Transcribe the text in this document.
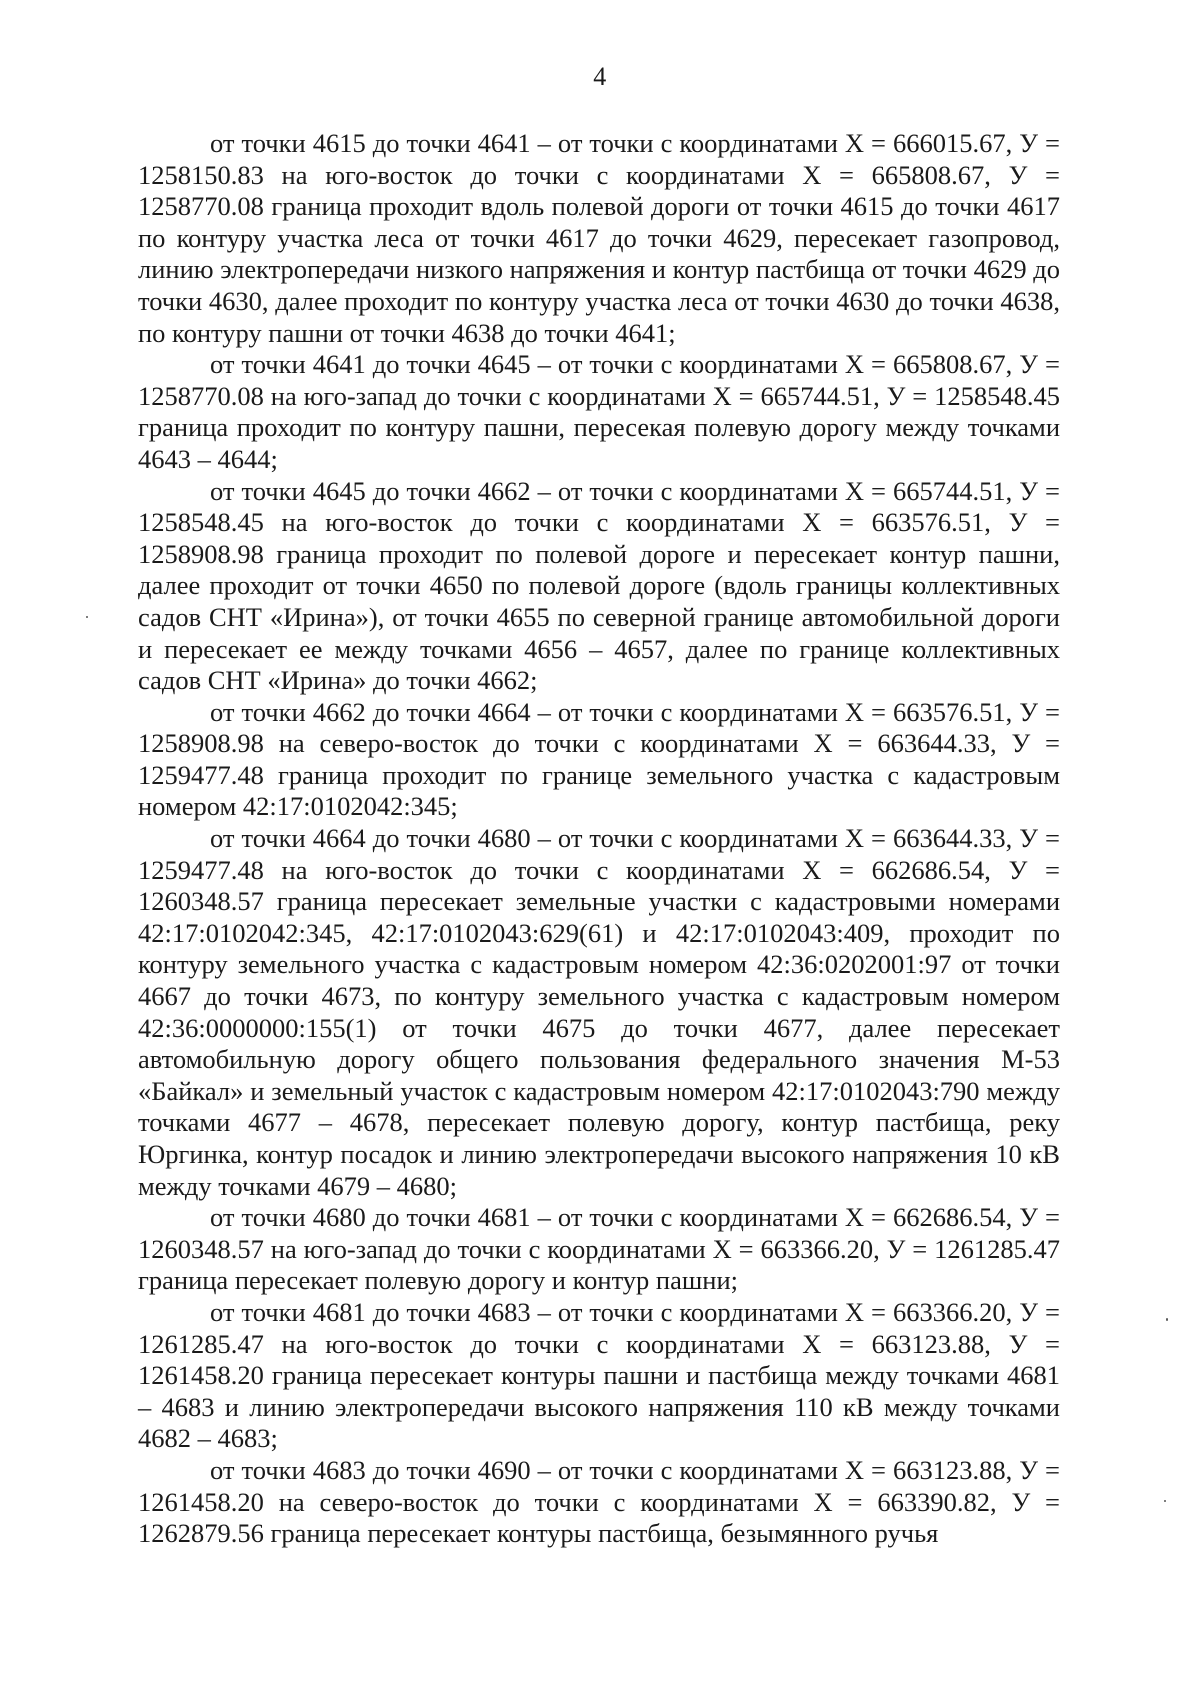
4

от точки 4615 до точки 4641 – от точки с координатами Х = 666015.67, У = 1258150.83 на юго-восток до точки с координатами Х = 665808.67, У = 1258770.08 граница проходит вдоль полевой дороги от точки 4615 до точки 4617 по контуру участка леса от точки 4617 до точки 4629, пересекает газопровод, линию электропередачи низкого напряжения и контур пастбища от точки 4629 до точки 4630, далее проходит по контуру участка леса от точки 4630 до точки 4638, по контуру пашни от точки 4638 до точки 4641;

от точки 4641 до точки 4645 – от точки с координатами Х = 665808.67, У = 1258770.08 на юго-запад до точки с координатами Х = 665744.51, У = 1258548.45 граница проходит по контуру пашни, пересекая полевую дорогу между точками 4643 – 4644;

от точки 4645 до точки 4662 – от точки с координатами Х = 665744.51, У = 1258548.45 на юго-восток до точки с координатами Х = 663576.51, У = 1258908.98 граница проходит по полевой дороге и пересекает контур пашни, далее проходит от точки 4650 по полевой дороге (вдоль границы коллективных садов СНТ «Ирина»), от точки 4655 по северной границе автомобильной дороги и пересекает ее между точками 4656 – 4657, далее по границе коллективных садов СНТ «Ирина» до точки 4662;

от точки 4662 до точки 4664 – от точки с координатами Х = 663576.51, У = 1258908.98 на северо-восток до точки с координатами Х = 663644.33, У = 1259477.48 граница проходит по границе земельного участка с кадастровым номером 42:17:0102042:345;

от точки 4664 до точки 4680 – от точки с координатами Х = 663644.33, У = 1259477.48 на юго-восток до точки с координатами Х = 662686.54, У = 1260348.57 граница пересекает земельные участки с кадастровыми номерами 42:17:0102042:345, 42:17:0102043:629(61) и 42:17:0102043:409, проходит по контуру земельного участка с кадастровым номером 42:36:0202001:97 от точки 4667 до точки 4673, по контуру земельного участка с кадастровым номером 42:36:0000000:155(1) от точки 4675 до точки 4677, далее пересекает автомобильную дорогу общего пользования федерального значения М-53 «Байкал» и земельный участок с кадастровым номером 42:17:0102043:790 между точками 4677 – 4678, пересекает полевую дорогу, контур пастбища, реку Юргинка, контур посадок и линию электропередачи высокого напряжения 10 кВ между точками 4679 – 4680;

от точки 4680 до точки 4681 – от точки с координатами Х = 662686.54, У = 1260348.57 на юго-запад до точки с координатами Х = 663366.20, У = 1261285.47 граница пересекает полевую дорогу и контур пашни;

от точки 4681 до точки 4683 – от точки с координатами Х = 663366.20, У = 1261285.47 на юго-восток до точки с координатами Х = 663123.88, У = 1261458.20 граница пересекает контуры пашни и пастбища между точками 4681 – 4683 и линию электропередачи высокого напряжения 110 кВ между точками 4682 – 4683;

от точки 4683 до точки 4690 – от точки с координатами Х = 663123.88, У = 1261458.20 на северо-восток до точки с координатами Х = 663390.82, У = 1262879.56 граница пересекает контуры пастбища, безымянного ручья
